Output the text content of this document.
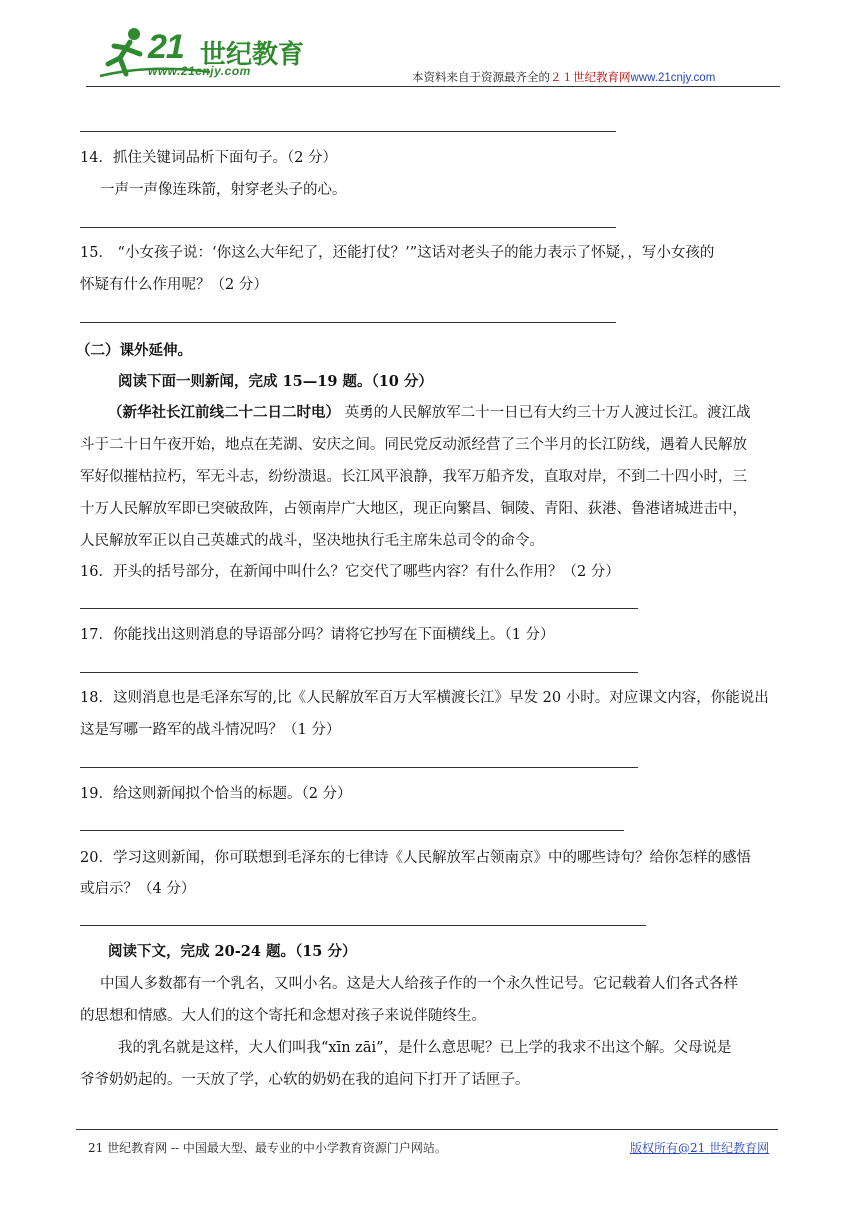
21 世纪教育
www.21cnjy.com	本资料来自于资源最齐全的２１世纪教育网www.21cnjy.com
14．抓住关键词品析下面句子。（2 分）
一声一声像连珠箭，射穿老头子的心。
15． “小女孩子说：‘你这么大年纪了，还能打仗？’”这话对老头子的能力表示了怀疑，，写小女孩的
怀疑有什么作用呢？（2 分）
（二）课外延伸。
阅读下面一则新闻，完成 15—19 题。（10 分）
（新华社长江前线二十二日二时电） 英勇的人民解放军二十一日已有大约三十万人渡过长江。渡江战
斗于二十日午夜开始，地点在芜湖、安庆之间。同民党反动派经营了三个半月的长江防线，遇着人民解放
军好似摧枯拉朽，军无斗志，纷纷溃退。长江风平浪静，我军万船齐发，直取对岸，不到二十四小时，三
十万人民解放军即已突破敌阵，占领南岸广大地区，现正向繁昌、铜陵、青阳、荻港、鲁港诸城进击中，
人民解放军正以自己英雄式的战斗，坚决地执行毛主席朱总司令的命令。
16．开头的括号部分，在新闻中叫什么？它交代了哪些内容？有什么作用？（2 分）
17．你能找出这则消息的导语部分吗？请将它抄写在下面横线上。（1 分）
18．这则消息也是毛泽东写的,比《人民解放军百万大军横渡长江》早发 20 小时。对应课文内容，你能说出
这是写哪一路军的战斗情况吗？（1 分）
19．给这则新闻拟个恰当的标题。（2 分）
20．学习这则新闻，你可联想到毛泽东的七律诗《人民解放军占领南京》中的哪些诗句？给你怎样的感悟
或启示？（4 分）
阅读下文，完成 20-24 题。（15 分）
中国人多数都有一个乳名，又叫小名。这是大人给孩子作的一个永久性记号。它记载着人们各式各样
的思想和情感。大人们的这个寄托和念想对孩子来说伴随终生。
我的乳名就是这样，大人们叫我“xīn zāi”，是什么意思呢？已上学的我求不出这个解。父母说是
爷爷奶奶起的。一天放了学，心软的奶奶在我的追问下打开了话匣子。
21 世纪教育网 -- 中国最大型、最专业的中小学教育资源门户网站。	版权所有@21 世纪教育网
